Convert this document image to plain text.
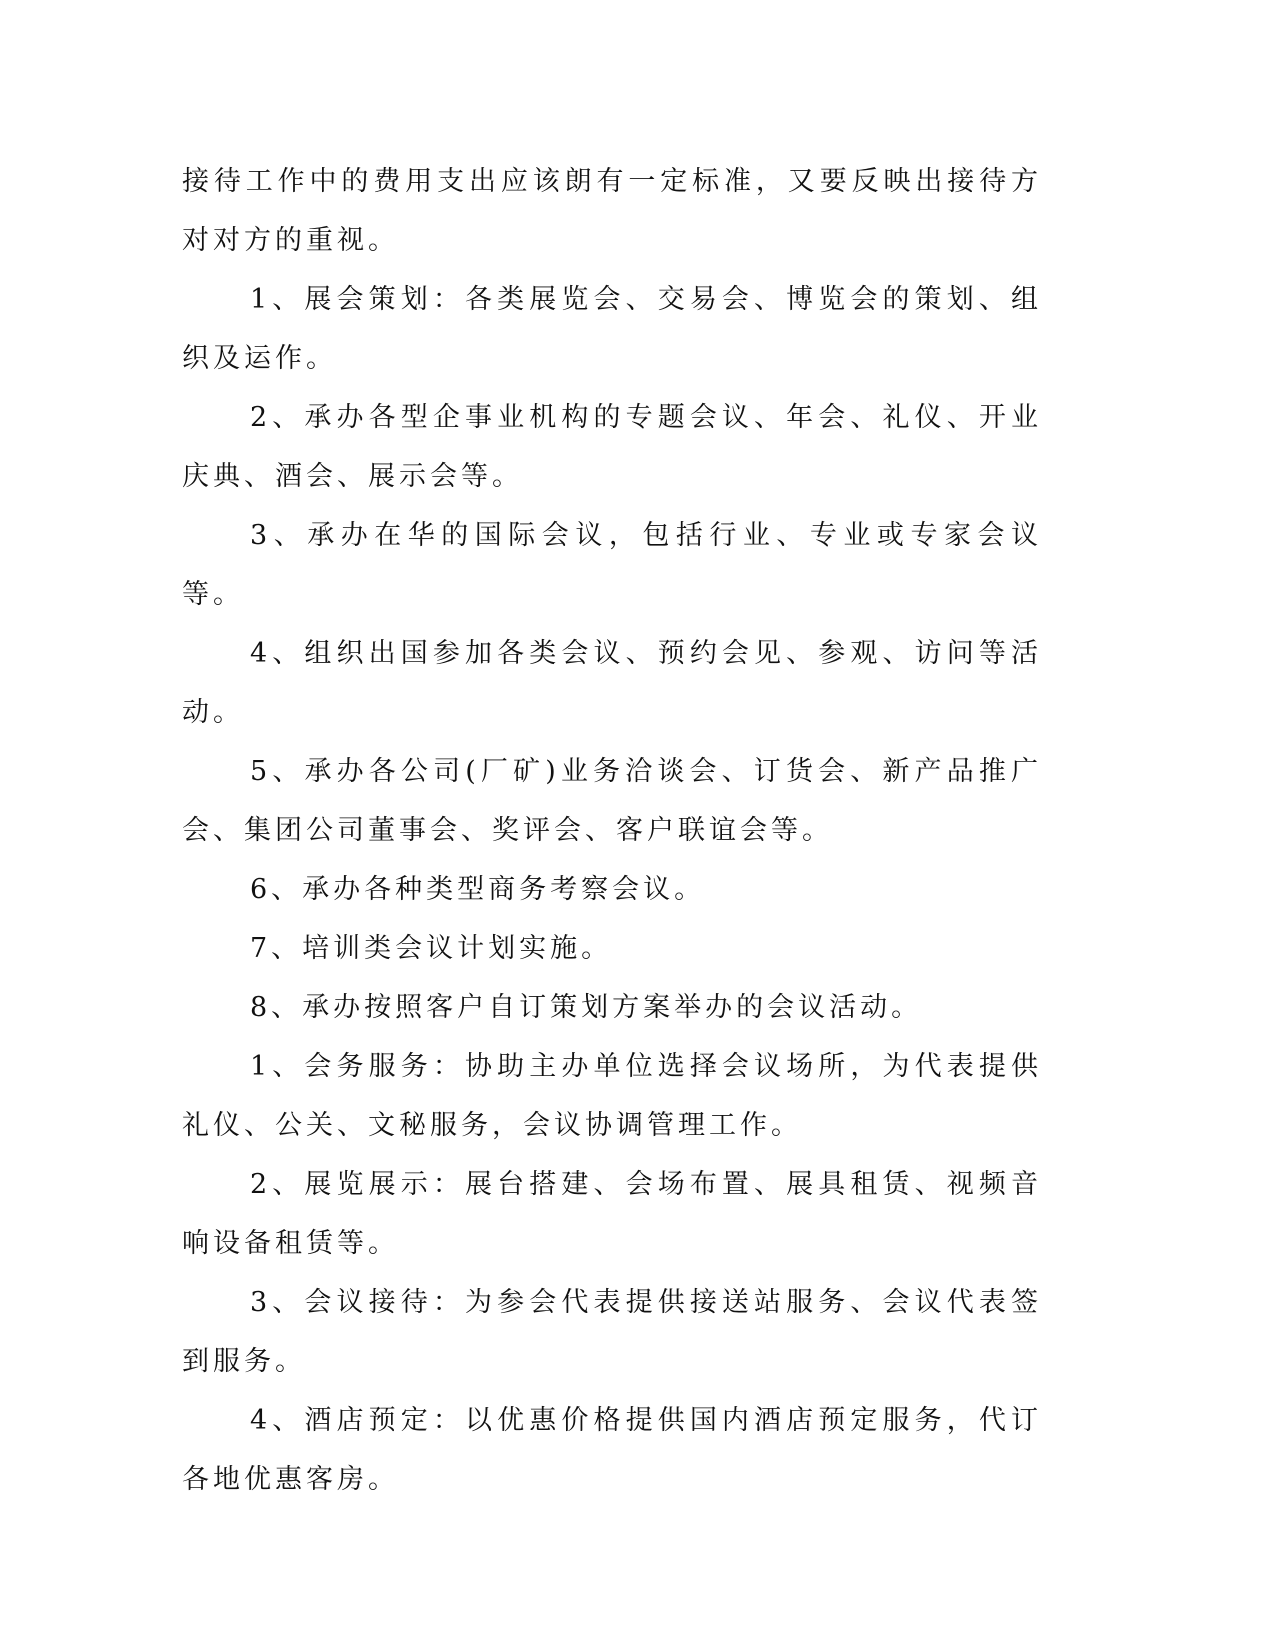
接待工作中的费用支出应该朗有一定标准，又要反映出接待方对对方的重视。

1、展会策划：各类展览会、交易会、博览会的策划、组织及运作。

2、承办各型企事业机构的专题会议、年会、礼仪、开业庆典、酒会、展示会等。

3、承办在华的国际会议，包括行业、专业或专家会议等。

4、组织出国参加各类会议、预约会见、参观、访问等活动。

5、承办各公司(厂矿)业务洽谈会、订货会、新产品推广会、集团公司董事会、奖评会、客户联谊会等。

6、承办各种类型商务考察会议。

7、培训类会议计划实施。

8、承办按照客户自订策划方案举办的会议活动。

1、会务服务：协助主办单位选择会议场所，为代表提供礼仪、公关、文秘服务，会议协调管理工作。

2、展览展示：展台搭建、会场布置、展具租赁、视频音响设备租赁等。

3、会议接待：为参会代表提供接送站服务、会议代表签到服务。

4、酒店预定：以优惠价格提供国内酒店预定服务，代订各地优惠客房。
